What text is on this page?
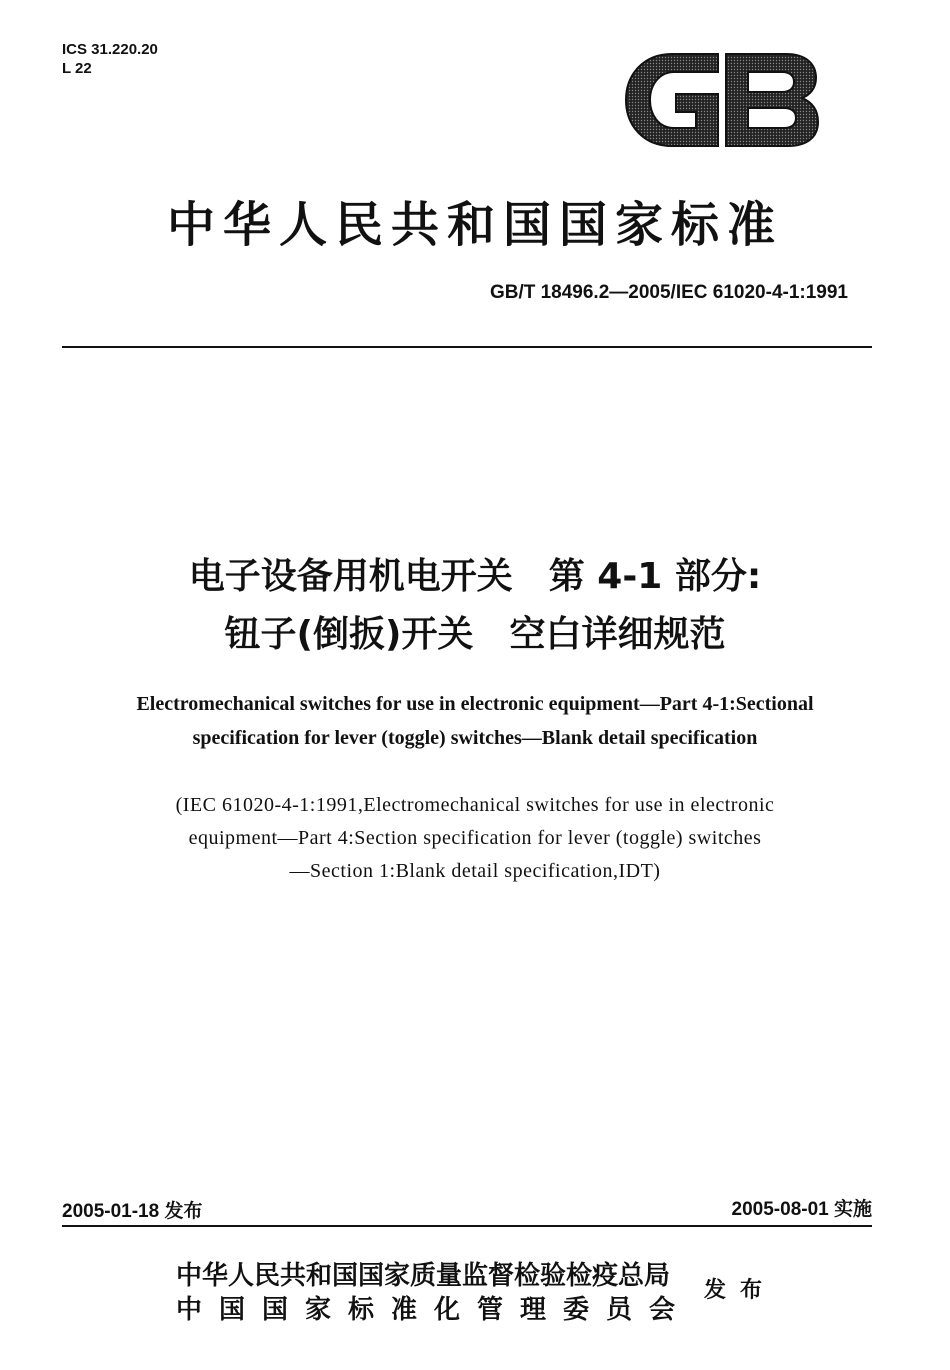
ICS 31.220.20
L 22
中华人民共和国国家标准
GB/T 18496.2—2005/IEC 61020-4-1:1991
电子设备用机电开关　第 4-1 部分:
钮子(倒扳)开关　空白详细规范
Electromechanical switches for use in electronic equipment—Part 4-1:Sectional
specification for lever (toggle) switches—Blank detail specification
(IEC 61020-4-1:1991,Electromechanical switches for use in electronic
equipment—Part 4:Section specification for lever (toggle) switches
—Section 1:Blank detail specification,IDT)
2005-01-18 发布	2005-08-01 实施
中华人民共和国国家质量监督检验检疫总局
中国国家标准化管理委员会
发布
